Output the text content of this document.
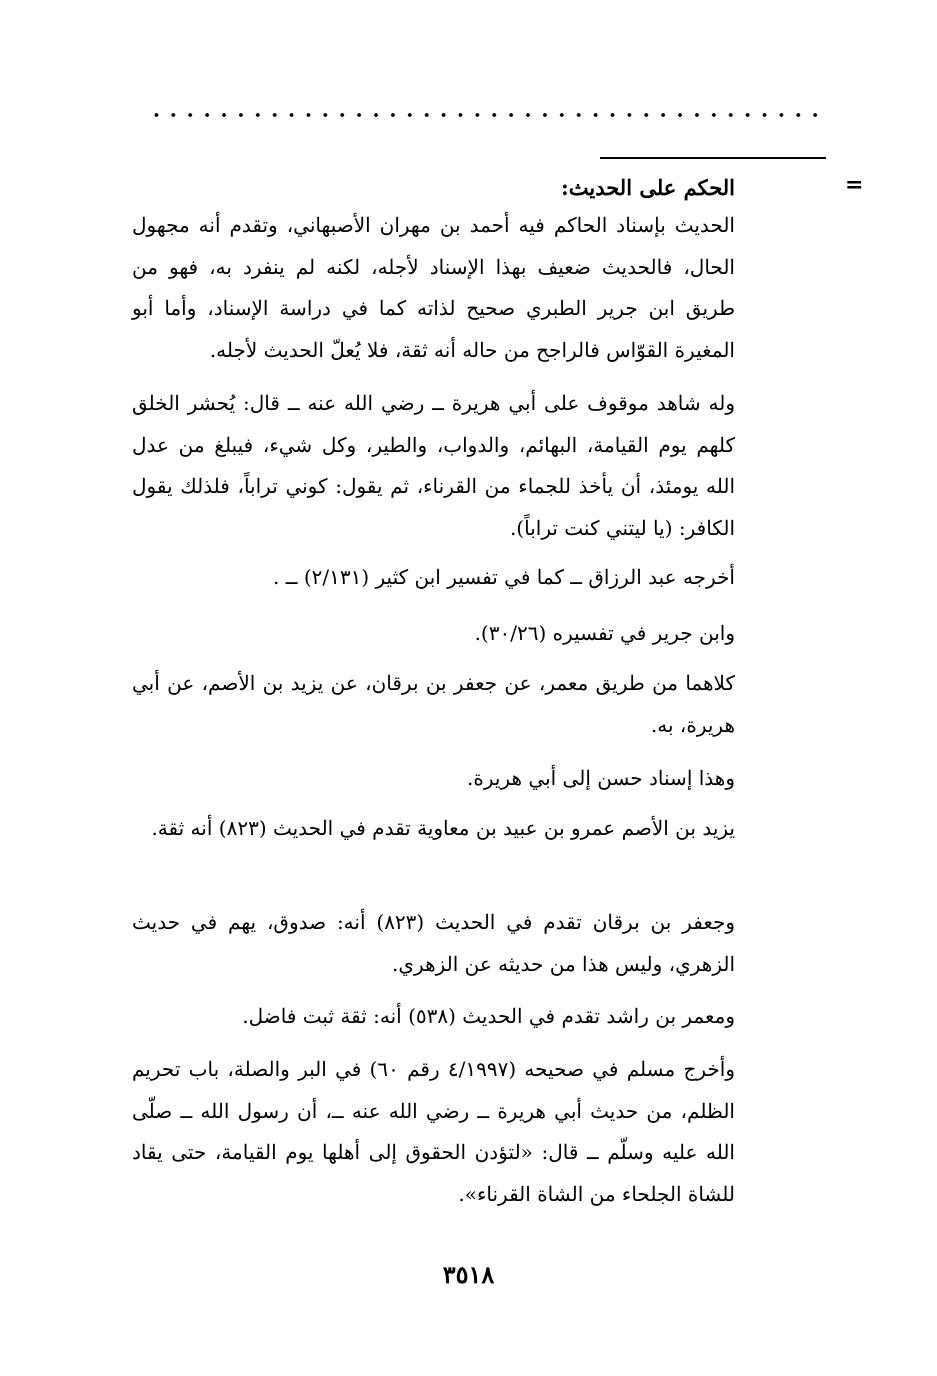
=
الحكم على الحديث:

الحديث بإسناد الحاكم فيه أحمد بن مهران الأصبهاني، وتقدم أنه مجهول الحال، فالحديث ضعيف بهذا الإسناد لأجله، لكنه لم ينفرد به، فهو من طريق ابن جرير الطبري صحيح لذاته كما في دراسة الإسناد، وأما أبو المغيرة القوّاس فالراجح من حاله أنه ثقة، فلا يُعلّ الحديث لأجله.

وله شاهد موقوف على أبي هريرة ــ رضي الله عنه ــ قال: يُحشر الخلق كلهم يوم القيامة، البهائم، والدواب، والطير، وكل شيء، فيبلغ من عدل الله يومئذ، أن يأخذ للجماء من القرناء، ثم يقول: كوني تراباً، فلذلك يقول الكافر: (يا ليتني كنت تراباً).

أخرجه عبد الرزاق ــ كما في تفسير ابن كثير (٢/١٣١) ــ .

وابن جرير في تفسيره (٣٠/٢٦).

كلاهما من طريق معمر، عن جعفر بن برقان، عن يزيد بن الأصم، عن أبي هريرة، به.

وهذا إسناد حسن إلى أبي هريرة.

يزيد بن الأصم عمرو بن عبيد بن معاوية تقدم في الحديث (٨٢٣) أنه ثقة.

وجعفر بن برقان تقدم في الحديث (٨٢٣) أنه: صدوق، يهم في حديث الزهري، وليس هذا من حديثه عن الزهري.

ومعمر بن راشد تقدم في الحديث (٥٣٨) أنه: ثقة ثبت فاضل.

وأخرج مسلم في صحيحه (٤/١٩٩٧ رقم ٦٠) في البر والصلة، باب تحريم الظلم، من حديث أبي هريرة ــ رضي الله عنه ــ، أن رسول الله ــ صلّى الله عليه وسلّم ــ قال: «لتؤدن الحقوق إلى أهلها يوم القيامة، حتى يقاد للشاة الجلحاء من الشاة القرناء».

٣٥١٨
